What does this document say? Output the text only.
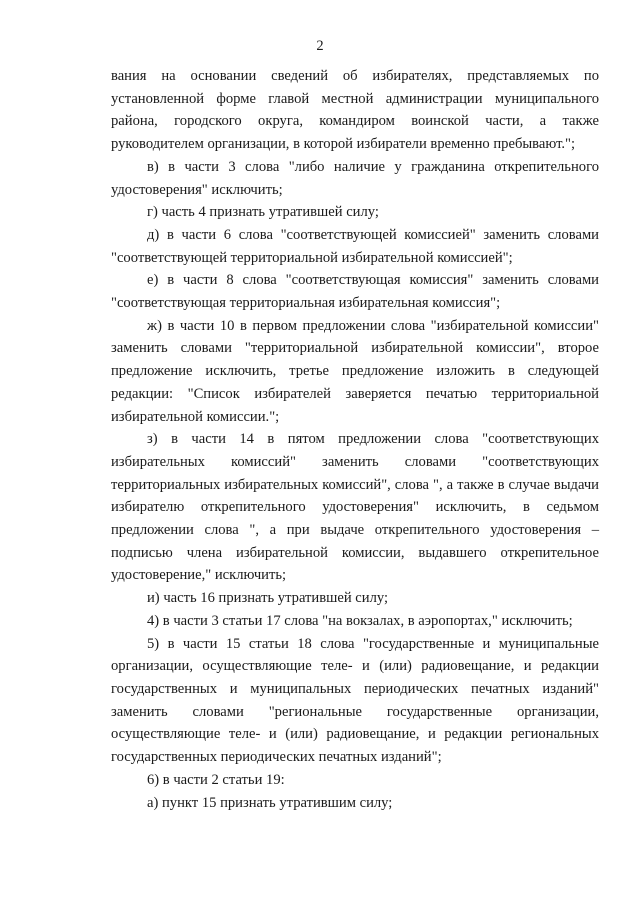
2

вания на основании сведений об избирателях, представляемых по установленной форме главой местной администрации муниципального района, городского округа, командиром воинской части, а также руководителем организации, в которой избиратели временно пребывают.";

в) в части 3 слова "либо наличие у гражданина открепительного удостоверения" исключить;

г) часть 4 признать утратившей силу;

д) в части 6 слова "соответствующей комиссией" заменить словами "соответствующей территориальной избирательной комиссией";

е) в части 8 слова "соответствующая комиссия" заменить словами "соответствующая территориальная избирательная комиссия";

ж) в части 10 в первом предложении слова "избирательной комиссии" заменить словами "территориальной избирательной комиссии", второе предложение исключить, третье предложение изложить в следующей редакции: "Список избирателей заверяется печатью территориальной избирательной комиссии.";

з) в части 14 в пятом предложении слова "соответствующих избирательных комиссий" заменить словами "соответствующих территориальных избирательных комиссий", слова ", а также в случае выдачи избирателю открепительного удостоверения" исключить, в седьмом предложении слова ", а при выдаче открепительного удостоверения – подписью члена избирательной комиссии, выдавшего открепительное удостоверение," исключить;

и) часть 16 признать утратившей силу;

4) в части 3 статьи 17 слова "на вокзалах, в аэропортах," исключить;

5) в части 15 статьи 18 слова "государственные и муниципальные организации, осуществляющие теле- и (или) радиовещание, и редакции государственных и муниципальных периодических печатных изданий" заменить словами "региональные государственные организации, осуществляющие теле- и (или) радиовещание, и редакции региональных государственных периодических печатных изданий";

6) в части 2 статьи 19:

а) пункт 15 признать утратившим силу;
